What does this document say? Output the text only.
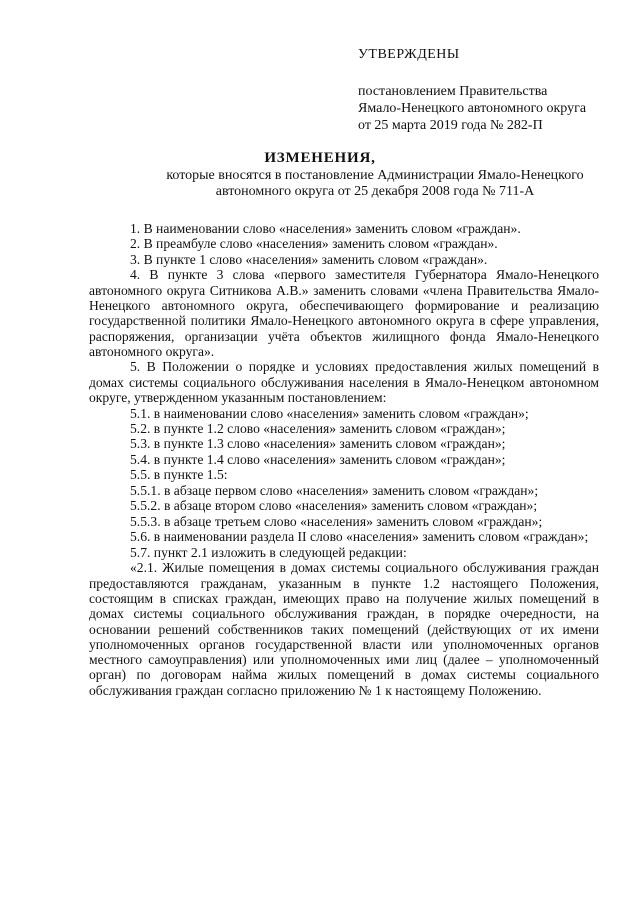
УТВЕРЖДЕНЫ
постановлением Правительства
Ямало-Ненецкого автономного округа
от 25 марта 2019 года № 282-П
ИЗМЕНЕНИЯ,
которые вносятся в постановление Администрации Ямало-Ненецкого автономного округа от 25 декабря 2008 года № 711-А

1. В наименовании слово «населения» заменить словом «граждан».

2. В преамбуле слово «населения» заменить словом «граждан».

3. В пункте 1 слово «населения» заменить словом «граждан».

4. В пункте 3 слова «первого заместителя Губернатора Ямало-Ненецкого автономного округа Ситникова А.В.» заменить словами «члена Правительства Ямало-Ненецкого автономного округа, обеспечивающего формирование и реализацию государственной политики Ямало-Ненецкого автономного округа в сфере управления, распоряжения, организации учёта объектов жилищного фонда Ямало-Ненецкого автономного округа».

5. В Положении о порядке и условиях предоставления жилых помещений в домах системы социального обслуживания населения в Ямало-Ненецком автономном округе, утвержденном указанным постановлением:

5.1. в наименовании слово «населения» заменить словом «граждан»;

5.2. в пункте 1.2 слово «населения» заменить словом «граждан»;

5.3. в пункте 1.3 слово «населения» заменить словом «граждан»;

5.4. в пункте 1.4 слово «населения» заменить словом «граждан»;

5.5. в пункте 1.5:

5.5.1. в абзаце первом слово «населения» заменить словом «граждан»;

5.5.2. в абзаце втором слово «населения» заменить словом «граждан»;

5.5.3. в абзаце третьем слово «населения» заменить словом «граждан»;

5.6. в наименовании раздела II слово «населения» заменить словом «граждан»;

5.7. пункт 2.1 изложить в следующей редакции:

«2.1. Жилые помещения в домах системы социального обслуживания граждан предоставляются гражданам, указанным в пункте 1.2 настоящего Положения, состоящим в списках граждан, имеющих право на получение жилых помещений в домах системы социального обслуживания граждан, в порядке очередности, на основании решений собственников таких помещений (действующих от их имени уполномоченных органов государственной власти или уполномоченных органов местного самоуправления) или уполномоченных ими лиц (далее – уполномоченный орган) по договорам найма жилых помещений в домах системы социального обслуживания граждан согласно приложению № 1 к настоящему Положению.
